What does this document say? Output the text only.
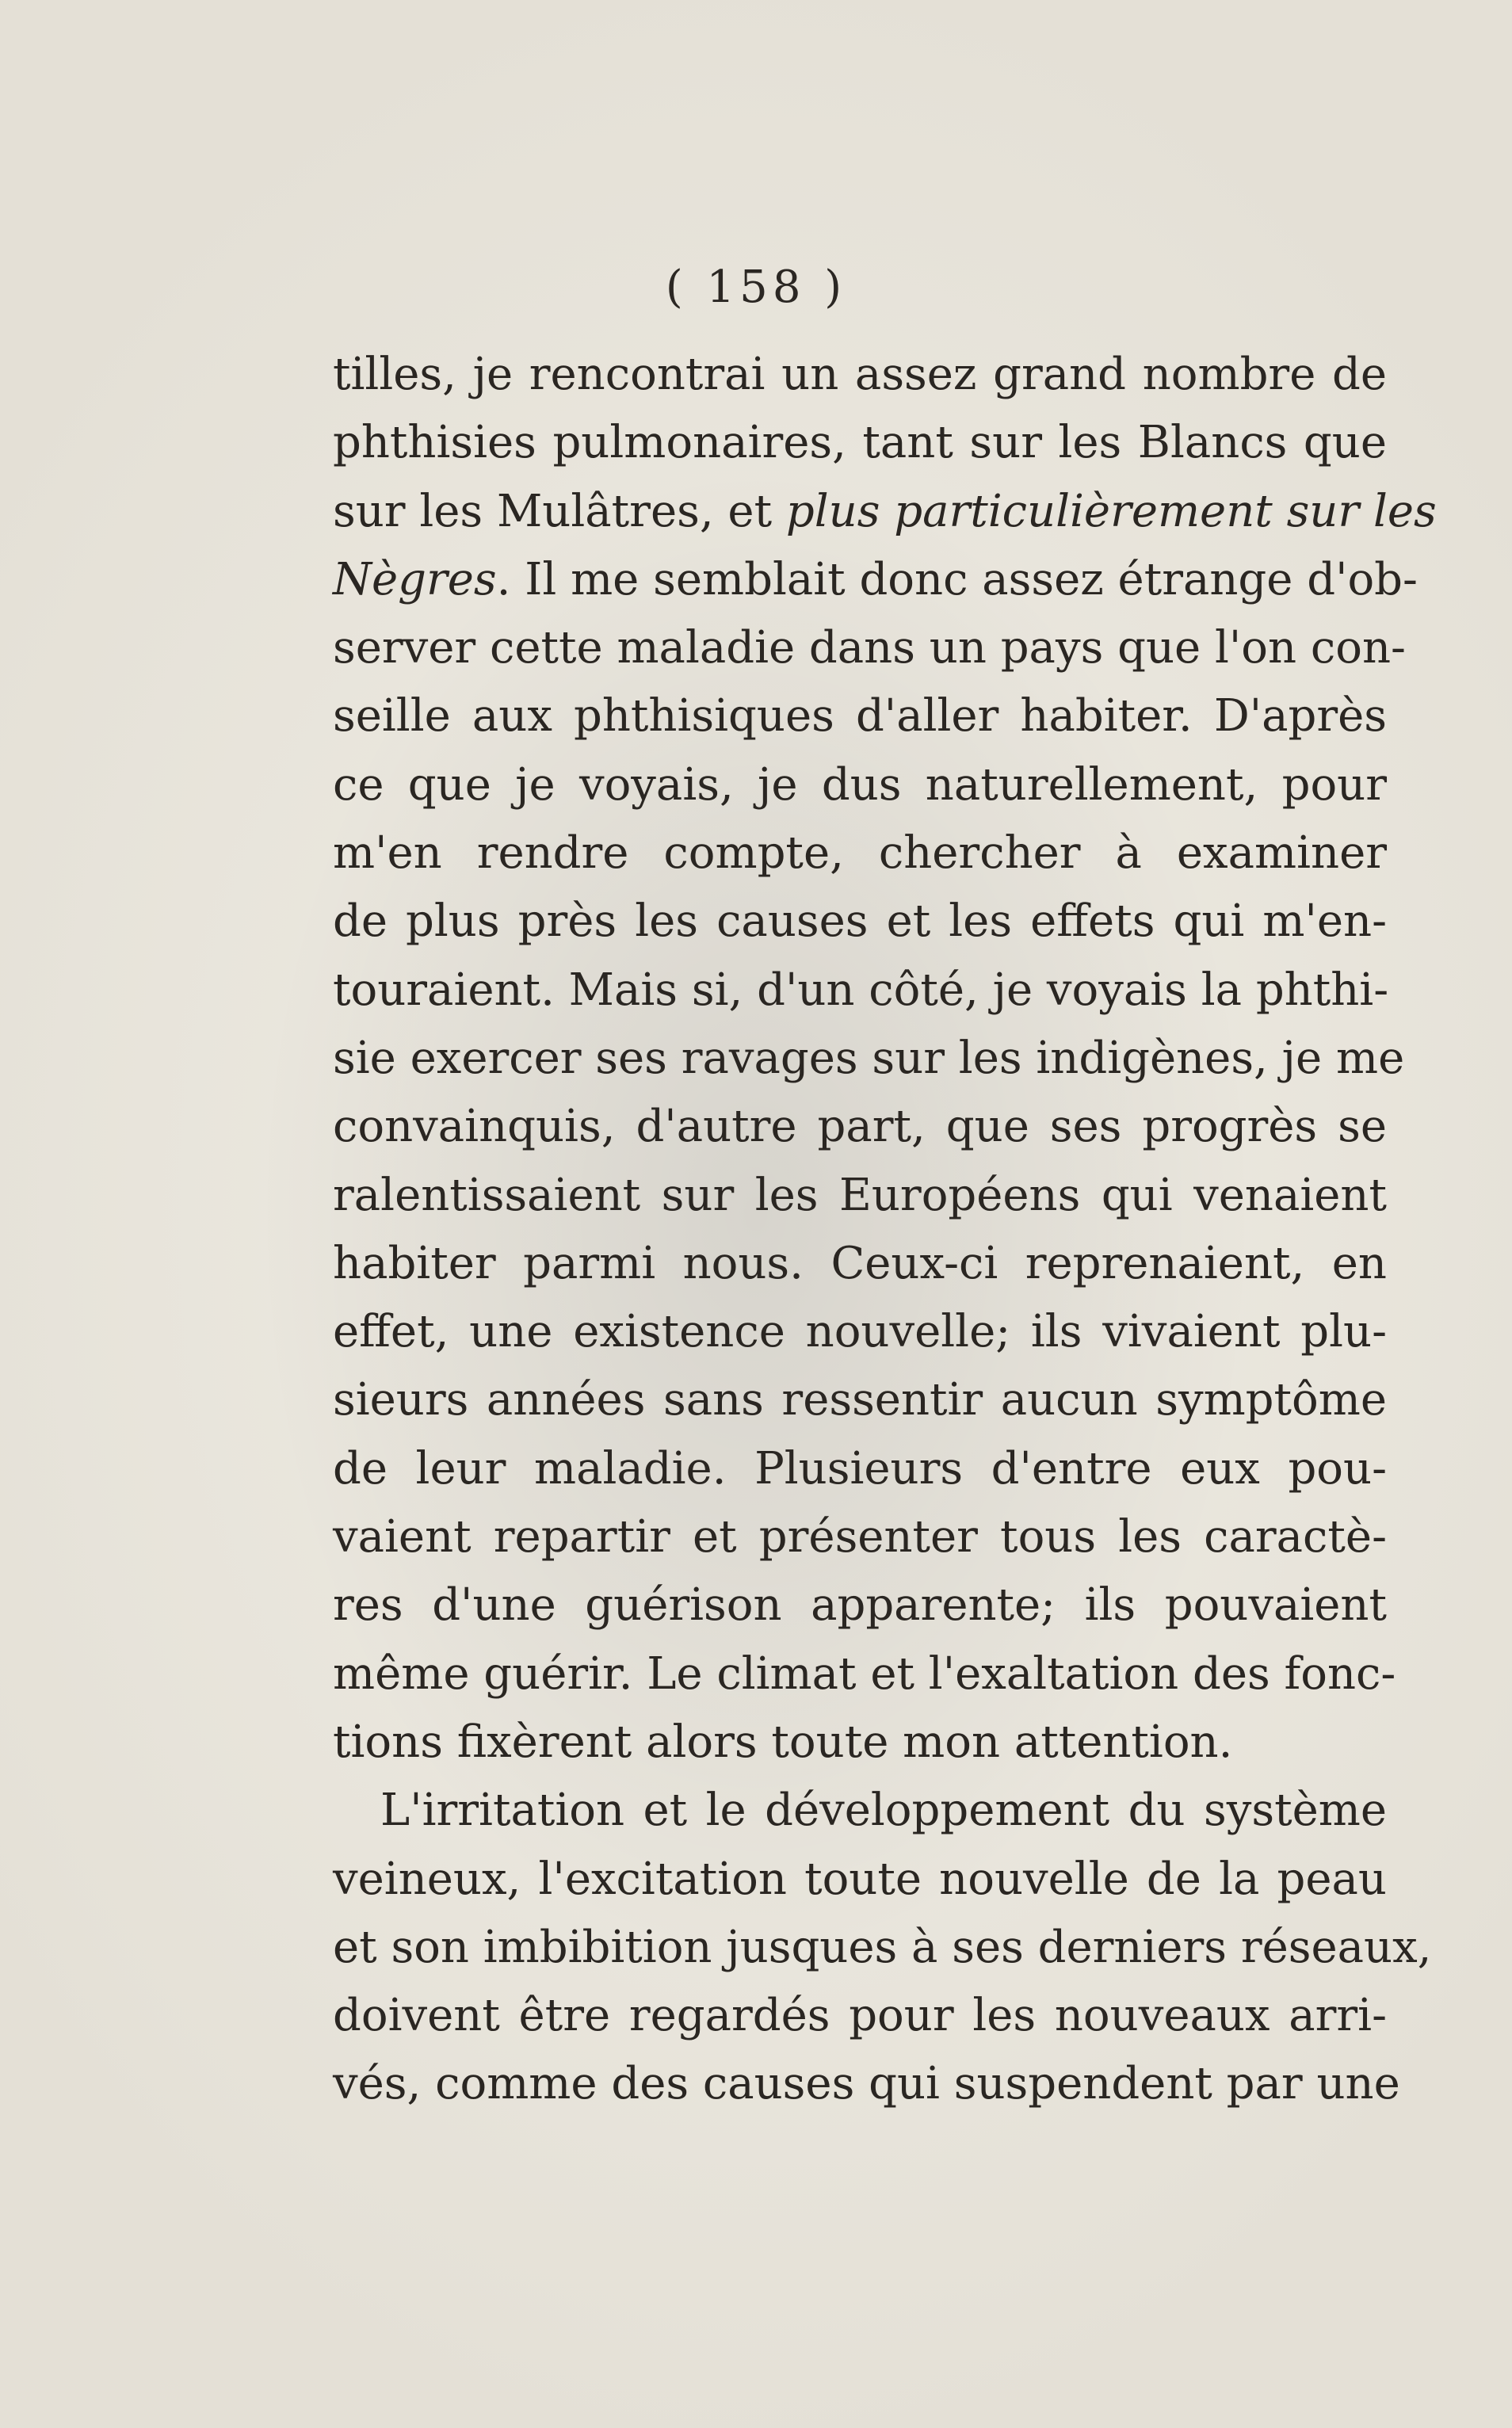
( 158 )
tilles, je rencontrai un assez grand nombre de
phthisies pulmonaires, tant sur les Blancs que
sur les Mulâtres, et plus particulièrement sur les
Nègres. Il me semblait donc assez étrange d'ob-
server cette maladie dans un pays que l'on con-
seille aux phthisiques d'aller habiter. D'après
ce que je voyais, je dus naturellement, pour
m'en rendre compte, chercher à examiner
de plus près les causes et les effets qui m'en-
touraient. Mais si, d'un côté, je voyais la phthi-
sie exercer ses ravages sur les indigènes, je me
convainquis, d'autre part, que ses progrès se
ralentissaient sur les Européens qui venaient
habiter parmi nous. Ceux-ci reprenaient, en
effet, une existence nouvelle; ils vivaient plu-
sieurs années sans ressentir aucun symptôme
de leur maladie. Plusieurs d'entre eux pou-
vaient repartir et présenter tous les caractè-
res d'une guérison apparente; ils pouvaient
même guérir. Le climat et l'exaltation des fonc-
tions fixèrent alors toute mon attention.
L'irritation et le développement du système
veineux, l'excitation toute nouvelle de la peau
et son imbibition jusques à ses derniers réseaux,
doivent être regardés pour les nouveaux arri-
vés, comme des causes qui suspendent par une
